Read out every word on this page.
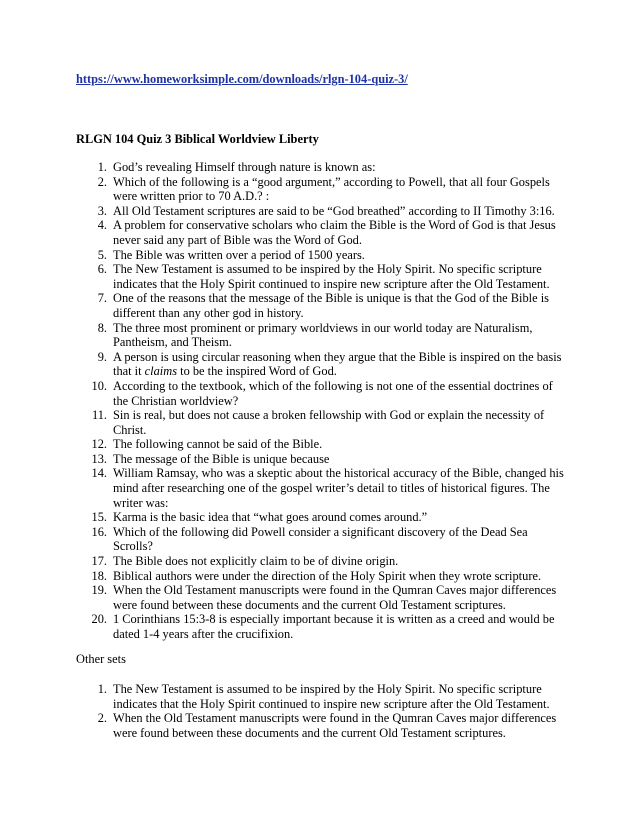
https://www.homeworksimple.com/downloads/rlgn-104-quiz-3/
RLGN 104 Quiz 3 Biblical Worldview Liberty
1. God’s revealing Himself through nature is known as:
2. Which of the following is a “good argument,” according to Powell, that all four Gospels were written prior to 70 A.D.? :
3. All Old Testament scriptures are said to be “God breathed” according to II Timothy 3:16.
4. A problem for conservative scholars who claim the Bible is the Word of God is that Jesus never said any part of Bible was the Word of God.
5. The Bible was written over a period of 1500 years.
6. The New Testament is assumed to be inspired by the Holy Spirit. No specific scripture indicates that the Holy Spirit continued to inspire new scripture after the Old Testament.
7. One of the reasons that the message of the Bible is unique is that the God of the Bible is different than any other god in history.
8. The three most prominent or primary worldviews in our world today are Naturalism, Pantheism, and Theism.
9. A person is using circular reasoning when they argue that the Bible is inspired on the basis that it claims to be the inspired Word of God.
10. According to the textbook, which of the following is not one of the essential doctrines of the Christian worldview?
11. Sin is real, but does not cause a broken fellowship with God or explain the necessity of Christ.
12. The following cannot be said of the Bible.
13. The message of the Bible is unique because
14. William Ramsay, who was a skeptic about the historical accuracy of the Bible, changed his mind after researching one of the gospel writer’s detail to titles of historical figures. The writer was:
15. Karma is the basic idea that “what goes around comes around.”
16. Which of the following did Powell consider a significant discovery of the Dead Sea Scrolls?
17. The Bible does not explicitly claim to be of divine origin.
18. Biblical authors were under the direction of the Holy Spirit when they wrote scripture.
19. When the Old Testament manuscripts were found in the Qumran Caves major differences were found between these documents and the current Old Testament scriptures.
20. 1 Corinthians 15:3-8 is especially important because it is written as a creed and would be dated 1-4 years after the crucifixion.
Other sets
1. The New Testament is assumed to be inspired by the Holy Spirit. No specific scripture indicates that the Holy Spirit continued to inspire new scripture after the Old Testament.
2. When the Old Testament manuscripts were found in the Qumran Caves major differences were found between these documents and the current Old Testament scriptures.
